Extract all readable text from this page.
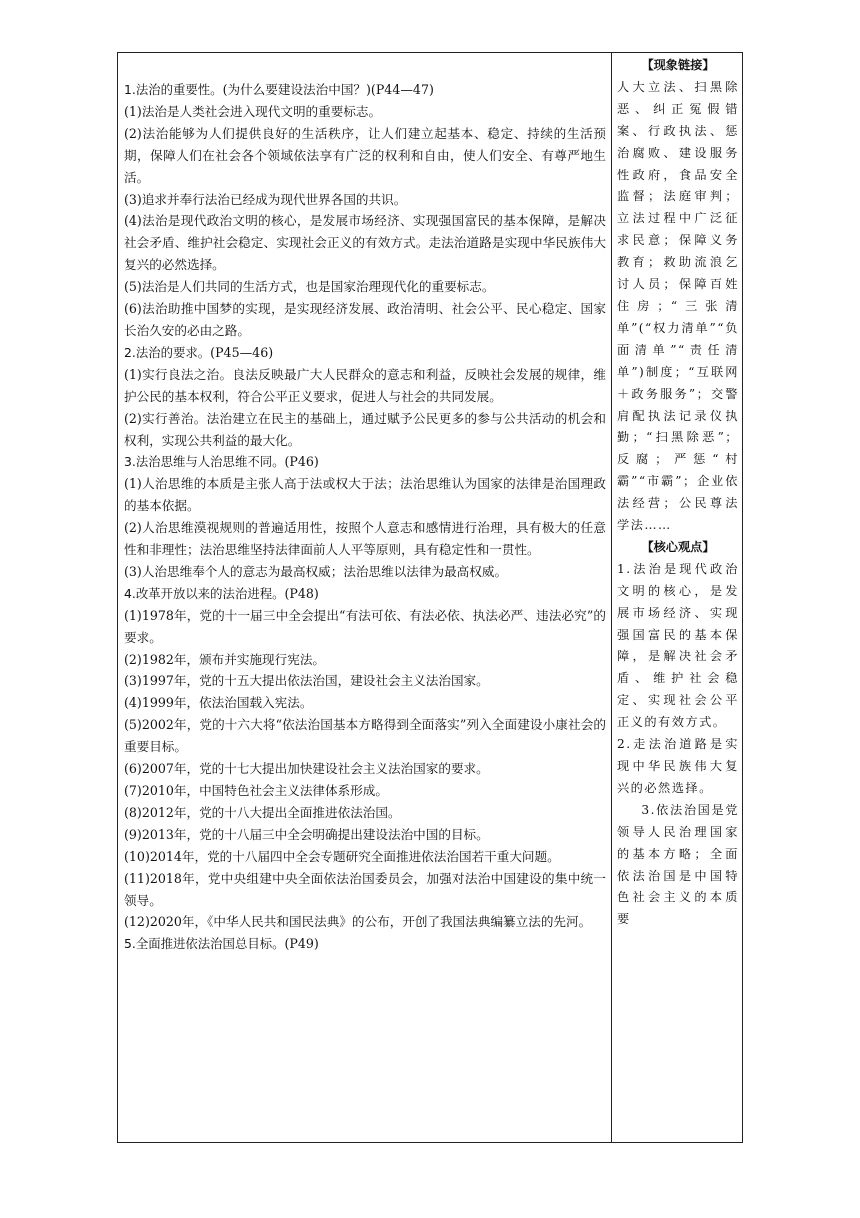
1.法治的重要性。(为什么要建设法治中国？)(P44—47)

(1)法治是人类社会进入现代文明的重要标志。

(2)法治能够为人们提供良好的生活秩序，让人们建立起基本、稳定、持续的生活预期，保障人们在社会各个领域依法享有广泛的权利和自由，使人们安全、有尊严地生活。

(3)追求并奉行法治已经成为现代世界各国的共识。

(4)法治是现代政治文明的核心，是发展市场经济、实现强国富民的基本保障，是解决社会矛盾、维护社会稳定、实现社会正义的有效方式。走法治道路是实现中华民族伟大复兴的必然选择。

(5)法治是人们共同的生活方式，也是国家治理现代化的重要标志。

(6)法治助推中国梦的实现，是实现经济发展、政治清明、社会公平、民心稳定、国家长治久安的必由之路。

2.法治的要求。(P45—46)

(1)实行良法之治。良法反映最广大人民群众的意志和利益，反映社会发展的规律，维护公民的基本权利，符合公平正义要求，促进人与社会的共同发展。

(2)实行善治。法治建立在民主的基础上，通过赋予公民更多的参与公共活动的机会和权利，实现公共利益的最大化。

3.法治思维与人治思维不同。(P46)

(1)人治思维的本质是主张人高于法或权大于法；法治思维认为国家的法律是治国理政的基本依据。

(2)人治思维漠视规则的普遍适用性，按照个人意志和感情进行治理，具有极大的任意性和非理性；法治思维坚持法律面前人人平等原则，具有稳定性和一贯性。

(3)人治思维奉个人的意志为最高权威；法治思维以法律为最高权威。

4.改革开放以来的法治进程。(P48)

(1)1978年，党的十一届三中全会提出“有法可依、有法必依、执法必严、违法必究”的要求。

(2)1982年，颁布并实施现行宪法。

(3)1997年，党的十五大提出依法治国，建设社会主义法治国家。

(4)1999年，依法治国载入宪法。

(5)2002年，党的十六大将“依法治国基本方略得到全面落实”列入全面建设小康社会的重要目标。

(6)2007年，党的十七大提出加快建设社会主义法治国家的要求。

(7)2010年，中国特色社会主义法律体系形成。

(8)2012年，党的十八大提出全面推进依法治国。

(9)2013年，党的十八届三中全会明确提出建设法治中国的目标。

(10)2014年，党的十八届四中全会专题研究全面推进依法治国若干重大问题。

(11)2018年，党中央组建中央全面依法治国委员会，加强对法治中国建设的集中统一领导。

(12)2020年，《中华人民共和国民法典》的公布，开创了我国法典编纂立法的先河。

5.全面推进依法治国总目标。(P49)

【现象链接】

人大立法、扫黑除恶、纠正冤假错案、行政执法、惩治腐败、建设服务性政府，食品安全监督；法庭审判；立法过程中广泛征求民意；保障义务教育；救助流浪乞讨人员；保障百姓住房；“三张清单”(“权力清单”“负面清单”“责任清单”)制度；“互联网＋政务服务”；交警肩配执法记录仪执勤；“扫黑除恶”；反腐；严惩“村霸”“市霸”；企业依法经营；公民尊法学法……

【核心观点】

1.法治是现代政治文明的核心，是发展市场经济、实现强国富民的基本保障，是解决社会矛盾、维护社会稳定、实现社会公平正义的有效方式。

2.走法治道路是实现中华民族伟大复兴的必然选择。

3.依法治国是党领导人民治理国家的基本方略；全面依法治国是中国特色社会主义的本质要
